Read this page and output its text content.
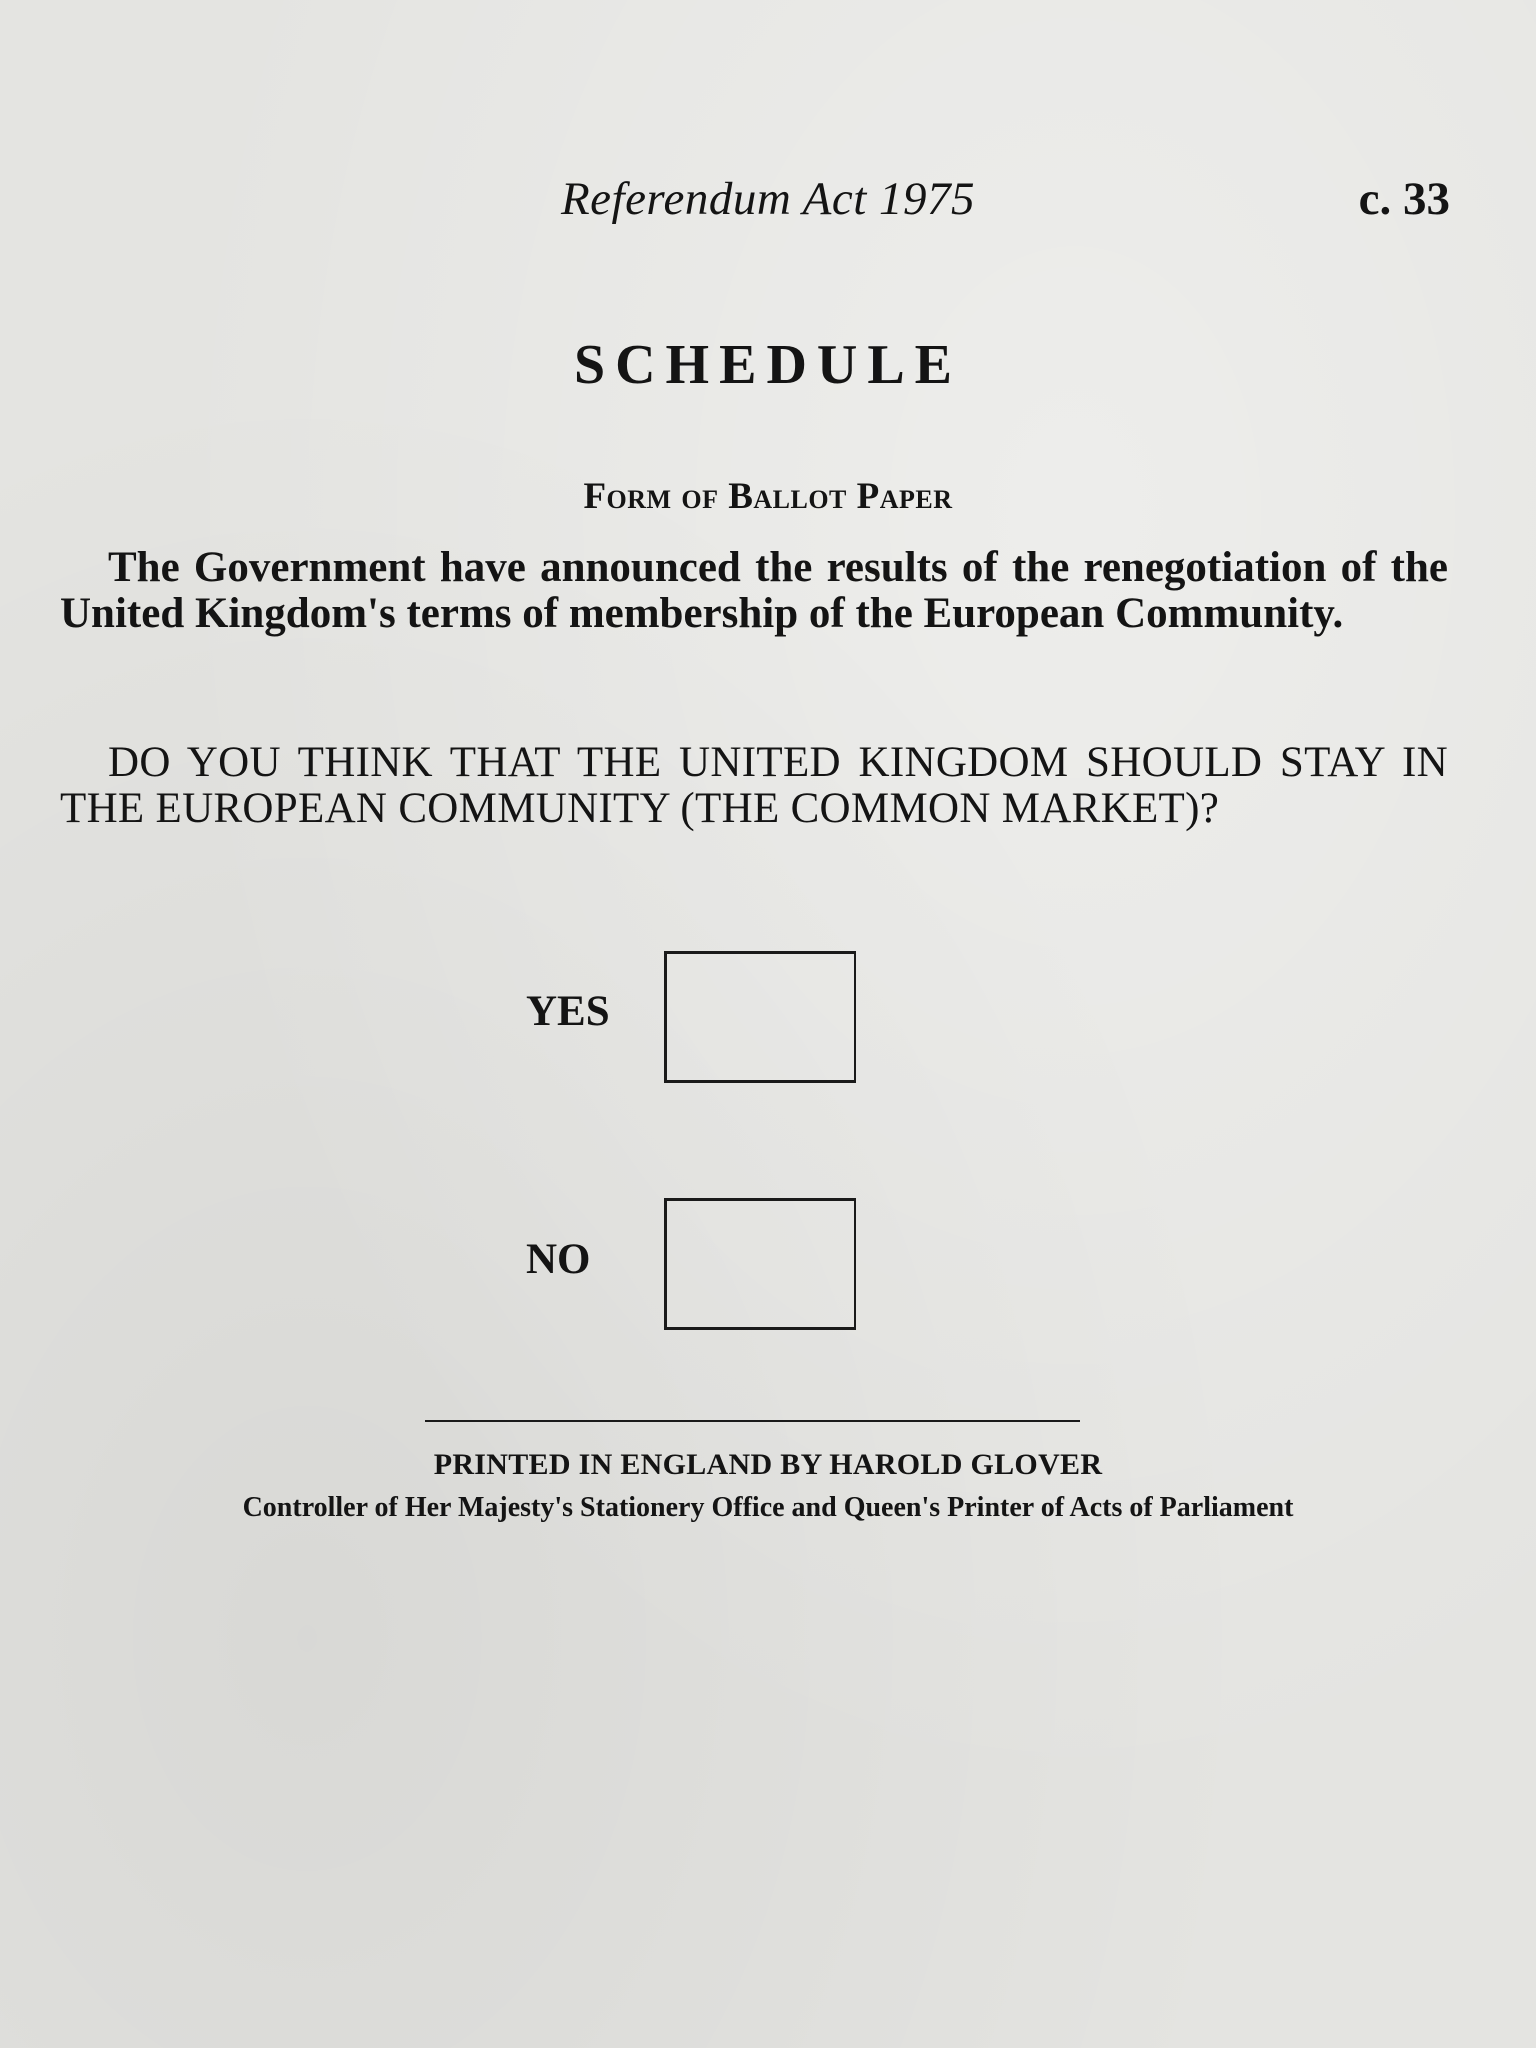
Referendum Act 1975	c. 33
SCHEDULE
Form of Ballot Paper

The Government have announced the results of the renegotiation of the United Kingdom's terms of membership of the European Community.

DO YOU THINK THAT THE UNITED KINGDOM SHOULD STAY IN THE EUROPEAN COMMUNITY (THE COMMON MARKET)?

YES
NO
PRINTED IN ENGLAND BY HAROLD GLOVER
Controller of Her Majesty's Stationery Office and Queen's Printer of Acts of Parliament
